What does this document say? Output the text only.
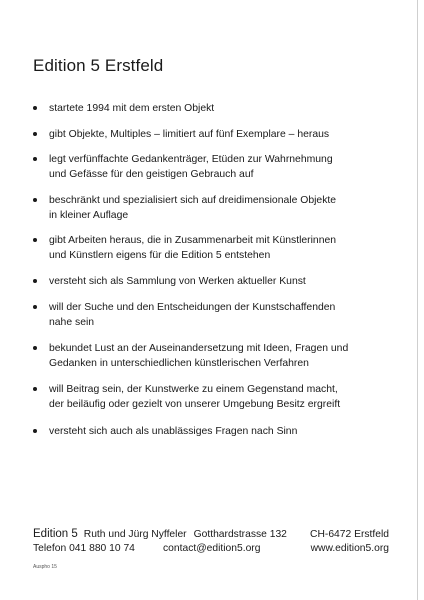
Edition 5 Erstfeld
startete 1994 mit dem ersten Objekt
gibt Objekte, Multiples – limitiert auf fünf Exemplare – heraus
legt verfünffachte Gedankenträger, Etüden zur Wahrnehmung
und Gefässe für den geistigen Gebrauch auf
beschränkt und spezialisiert sich auf dreidimensionale Objekte
in kleiner Auflage
gibt Arbeiten heraus, die in Zusammenarbeit mit Künstlerinnen
und Künstlern eigens für die Edition 5 entstehen
versteht sich als Sammlung von Werken aktueller Kunst
will der Suche und den Entscheidungen der Kunstschaffenden
nahe sein
bekundet Lust an der Auseinandersetzung mit Ideen, Fragen und
Gedanken in unterschiedlichen künstlerischen Verfahren
will Beitrag sein, der Kunstwerke zu einem Gegenstand macht,
der beiläufig oder gezielt von unserer Umgebung Besitz ergreift
versteht sich auch als unablässiges Fragen nach Sinn
Edition 5 Ruth und Jürg Nyffeler Gotthardstrasse 132 CH-6472 Erstfeld
Telefon 041 880 10 74	contact@edition5.org	www.edition5.org
Auspho 15
